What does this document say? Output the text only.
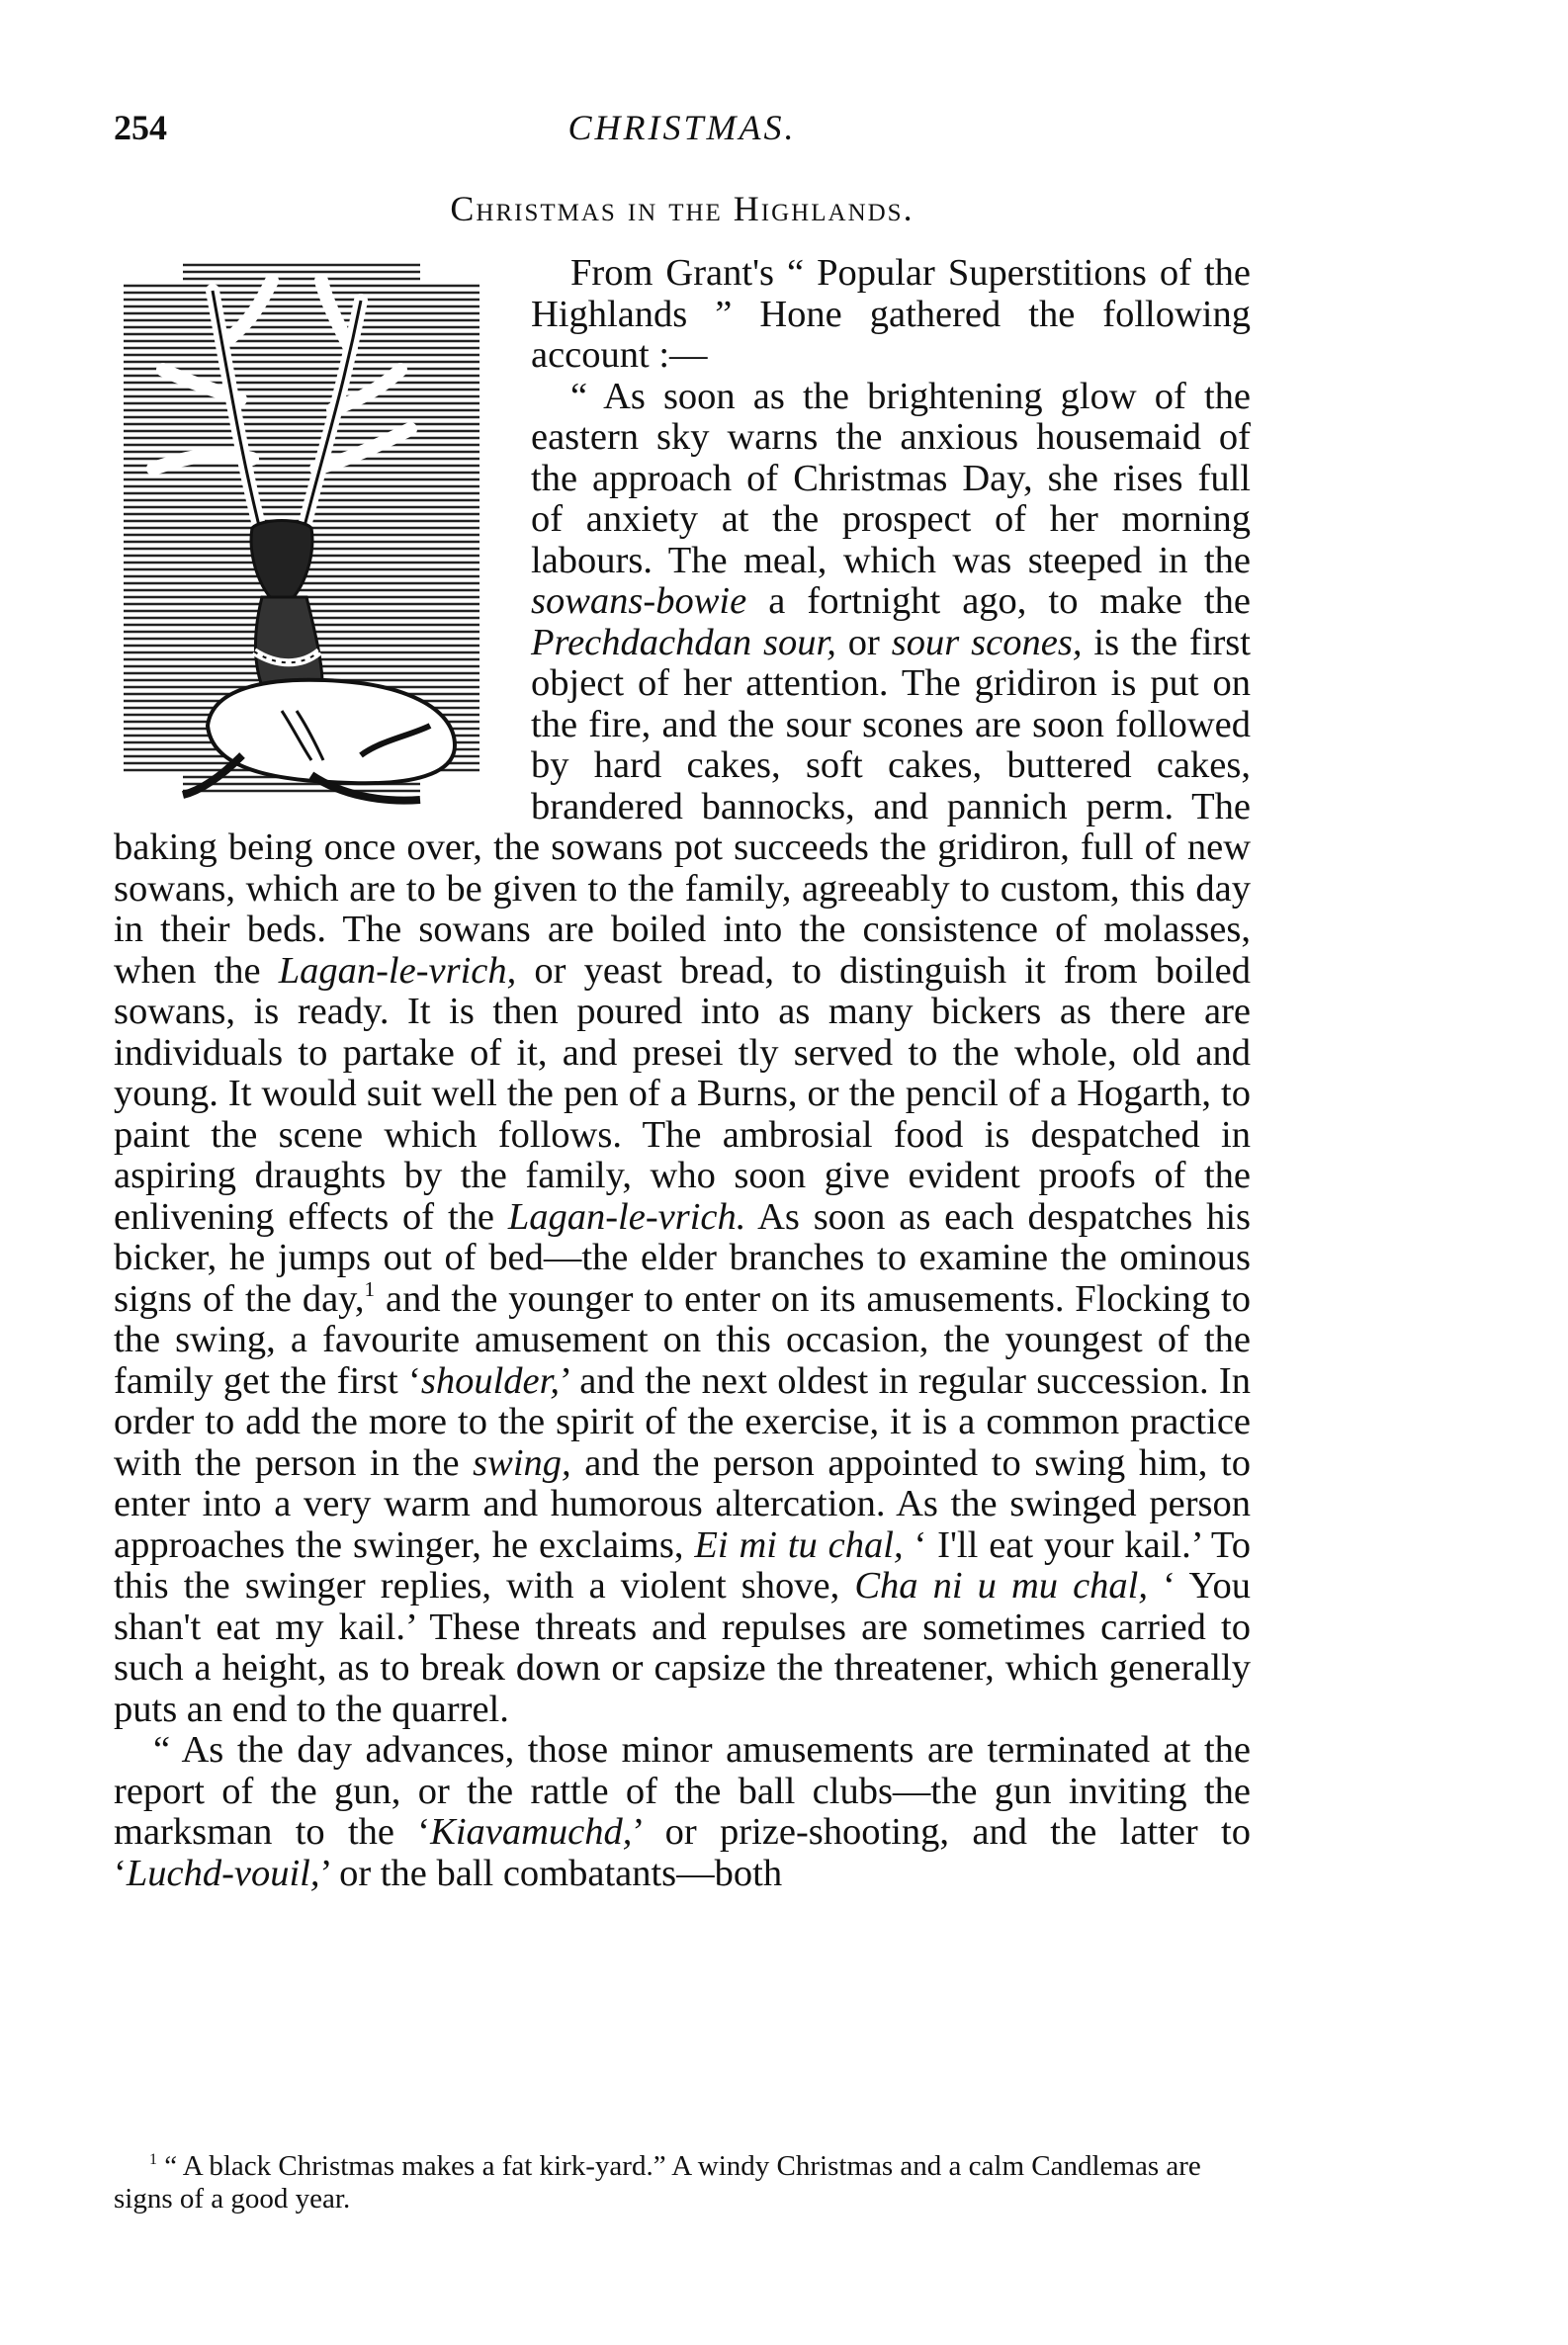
254	CHRISTMAS.
Christmas in the Highlands.

From Grant's “ Popular Superstitions of the Highlands ” Hone gathered the following account :—

“ As soon as the brightening glow of the eastern sky warns the anxious housemaid of the approach of Christmas Day, she rises full of anxiety at the prospect of her morning labours. The meal, which was steeped in the sowans-bowie a fortnight ago, to make the Prechdachdan sour, or sour scones, is the first object of her attention. The gridiron is put on the fire, and the sour scones are soon followed by hard cakes, soft cakes, buttered cakes, brandered bannocks, and pannich perm. The baking being once over, the sowans pot succeeds the gridiron, full of new sowans, which are to be given to the family, agreeably to custom, this day in their beds. The sowans are boiled into the consistence of molasses, when the Lagan-le-vrich, or yeast bread, to distinguish it from boiled sowans, is ready. It is then poured into as many bickers as there are individuals to partake of it, and presei tly served to the whole, old and young. It would suit well the pen of a Burns, or the pencil of a Hogarth, to paint the scene which follows. The ambrosial food is despatched in aspiring draughts by the family, who soon give evident proofs of the enlivening effects of the Lagan-le-vrich. As soon as each despatches his bicker, he jumps out of bed—the elder branches to examine the ominous signs of the day,$^1$ and the younger to enter on its amusements. Flocking to the swing, a favourite amusement on this occasion, the youngest of the family get the first ‘shoulder,’ and the next oldest in regular succession. In order to add the more to the spirit of the exercise, it is a common practice with the person in the swing, and the person appointed to swing him, to enter into a very warm and humorous altercation. As the swinged person approaches the swinger, he exclaims, Ei mi tu chal, ‘ I'll eat your kail.’ To this the swinger replies, with a violent shove, Cha ni u mu chal, ‘ You shan't eat my kail.’ These threats and repulses are sometimes carried to such a height, as to break down or capsize the threatener, which generally puts an end to the quarrel.

“ As the day advances, those minor amusements are terminated at the report of the gun, or the rattle of the ball clubs—the gun inviting the marksman to the ‘Kiavamuchd,’ or prize-shooting, and the latter to ‘Luchd-vouil,’ or the ball combatants—both

$^1$ “ A black Christmas makes a fat kirk-yard.” A windy Christmas and a calm Candlemas are signs of a good year.
